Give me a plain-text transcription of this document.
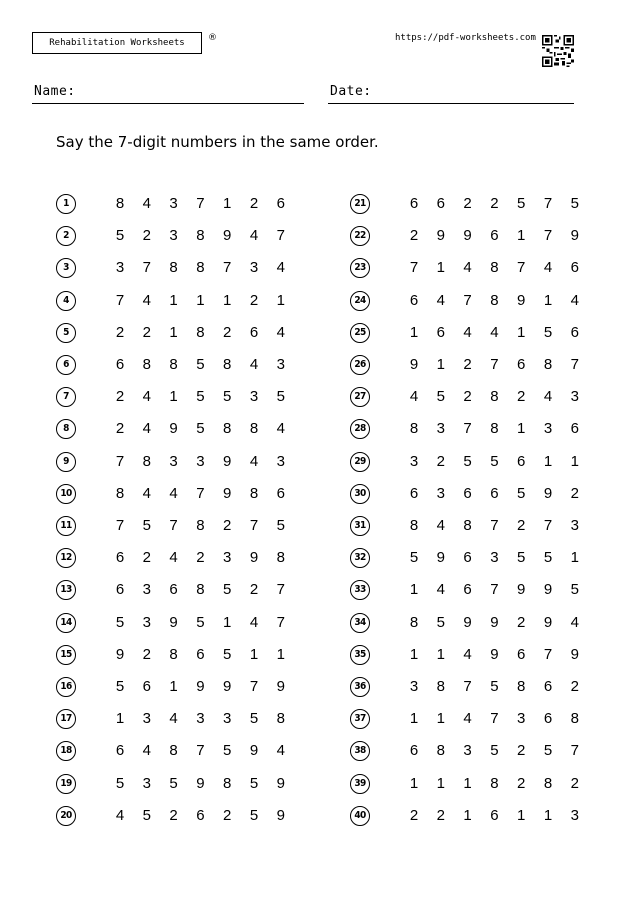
Rehabilitation Worksheets	®	https://pdf-worksheets.com
Name:	Date:
Say the 7-digit numbers in the same order.
1	8 4 3 7 1 2 6
2	5 2 3 8 9 4 7
3	3 7 8 8 7 3 4
4	7 4 1 1 1 2 1
5	2 2 1 8 2 6 4
6	6 8 8 5 8 4 3
7	2 4 1 5 5 3 5
8	2 4 9 5 8 8 4
9	7 8 3 3 9 4 3
10	8 4 4 7 9 8 6
11	7 5 7 8 2 7 5
12	6 2 4 2 3 9 8
13	6 3 6 8 5 2 7
14	5 3 9 5 1 4 7
15	9 2 8 6 5 1 1
16	5 6 1 9 9 7 9
17	1 3 4 3 3 5 8
18	6 4 8 7 5 9 4
19	5 3 5 9 8 5 9
20	4 5 2 6 2 5 9
21	6 6 2 2 5 7 5
22	2 9 9 6 1 7 9
23	7 1 4 8 7 4 6
24	6 4 7 8 9 1 4
25	1 6 4 4 1 5 6
26	9 1 2 7 6 8 7
27	4 5 2 8 2 4 3
28	8 3 7 8 1 3 6
29	3 2 5 5 6 1 1
30	6 3 6 6 5 9 2
31	8 4 8 7 2 7 3
32	5 9 6 3 5 5 1
33	1 4 6 7 9 9 5
34	8 5 9 9 2 9 4
35	1 1 4 9 6 7 9
36	3 8 7 5 8 6 2
37	1 1 4 7 3 6 8
38	6 8 3 5 2 5 7
39	1 1 1 8 2 8 2
40	2 2 1 6 1 1 3
